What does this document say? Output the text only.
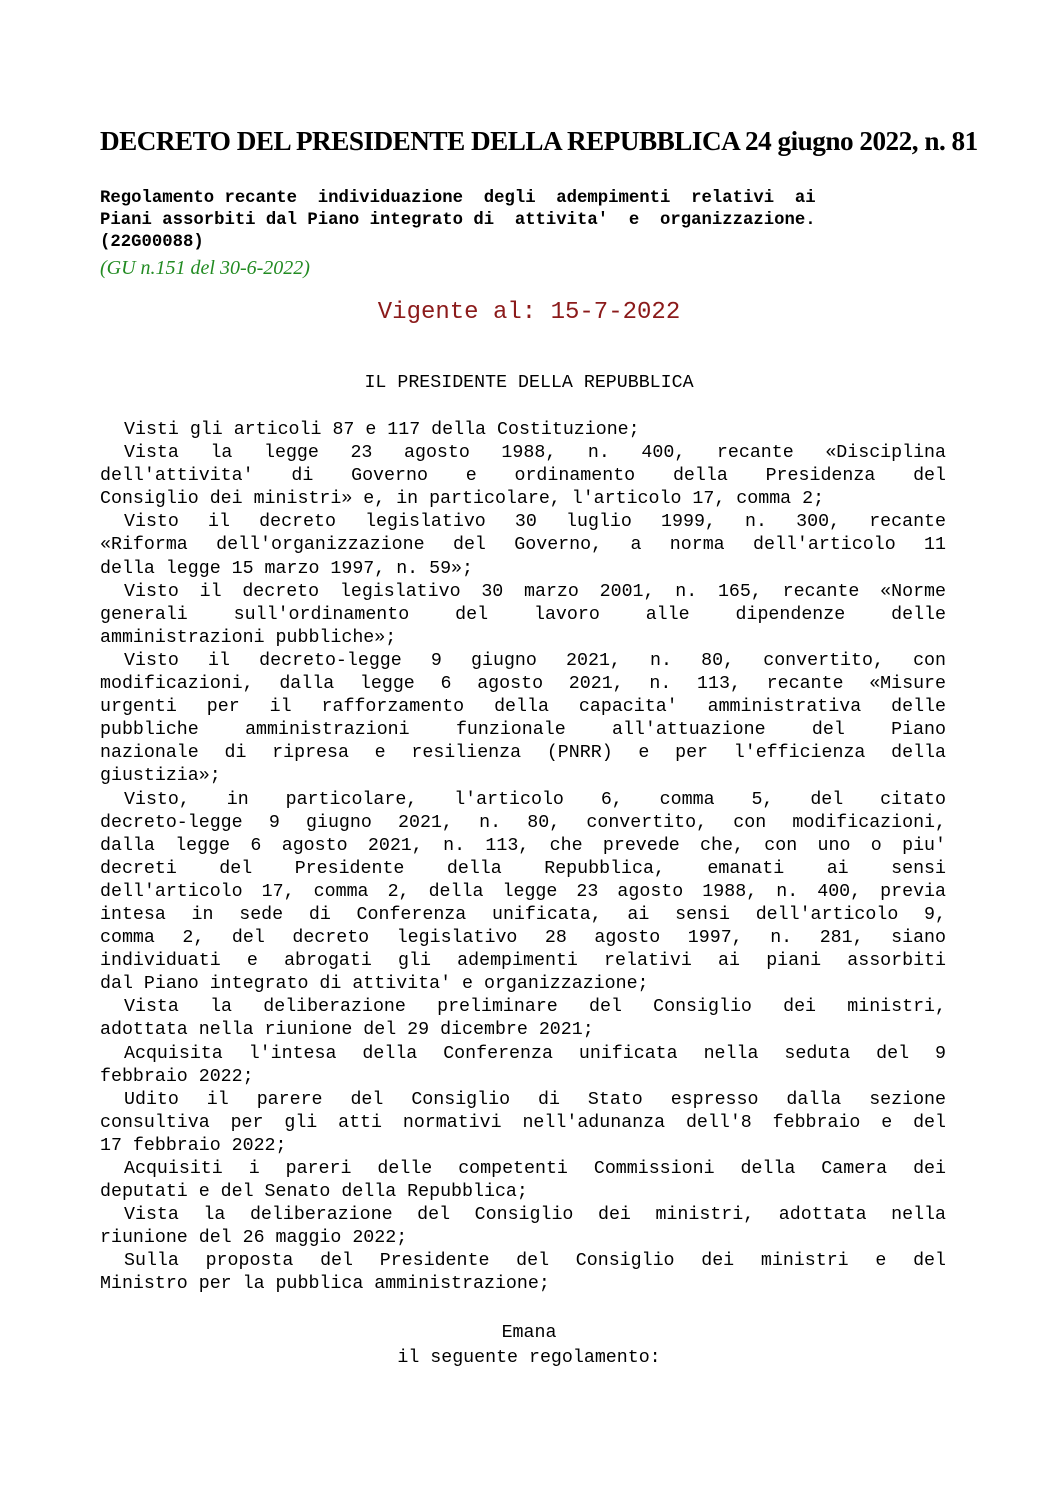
DECRETO DEL PRESIDENTE DELLA REPUBBLICA 24 giugno 2022, n. 81
Regolamento recante  individuazione  degli  adempimenti  relativi  ai
Piani assorbiti dal Piano integrato di  attivita'  e  organizzazione.
(22G00088)
(GU n.151 del 30-6-2022)
Vigente al: 15-7-2022
IL PRESIDENTE DELLA REPUBBLICA
Visti gli articoli 87 e 117 della Costituzione;
Vista la legge 23 agosto 1988, n. 400, recante «Disciplina
dell'attivita' di Governo e ordinamento della Presidenza del
Consiglio dei ministri» e, in particolare, l'articolo 17, comma 2;
Visto il decreto legislativo 30 luglio 1999, n. 300, recante
«Riforma dell'organizzazione del Governo, a norma dell'articolo 11
della legge 15 marzo 1997, n. 59»;
Visto il decreto legislativo 30 marzo 2001, n. 165, recante «Norme
generali sull'ordinamento del lavoro alle dipendenze delle
amministrazioni pubbliche»;
Visto il decreto-legge 9 giugno 2021, n. 80, convertito, con
modificazioni, dalla legge 6 agosto 2021, n. 113, recante «Misure
urgenti per il rafforzamento della capacita' amministrativa delle
pubbliche amministrazioni funzionale all'attuazione del Piano
nazionale di ripresa e resilienza (PNRR) e per l'efficienza della
giustizia»;
Visto, in particolare, l'articolo 6, comma 5, del citato
decreto-legge 9 giugno 2021, n. 80, convertito, con modificazioni,
dalla legge 6 agosto 2021, n. 113, che prevede che, con uno o piu'
decreti del Presidente della Repubblica, emanati ai sensi
dell'articolo 17, comma 2, della legge 23 agosto 1988, n. 400, previa
intesa in sede di Conferenza unificata, ai sensi dell'articolo 9,
comma 2, del decreto legislativo 28 agosto 1997, n. 281, siano
individuati e abrogati gli adempimenti relativi ai piani assorbiti
dal Piano integrato di attivita' e organizzazione;
Vista la deliberazione preliminare del Consiglio dei ministri,
adottata nella riunione del 29 dicembre 2021;
Acquisita l'intesa della Conferenza unificata nella seduta del 9
febbraio 2022;
Udito il parere del Consiglio di Stato espresso dalla sezione
consultiva per gli atti normativi nell'adunanza dell'8 febbraio e del
17 febbraio 2022;
Acquisiti i pareri delle competenti Commissioni della Camera dei
deputati e del Senato della Repubblica;
Vista la deliberazione del Consiglio dei ministri, adottata nella
riunione del 26 maggio 2022;
Sulla proposta del Presidente del Consiglio dei ministri e del
Ministro per la pubblica amministrazione;
Emana
il seguente regolamento:
